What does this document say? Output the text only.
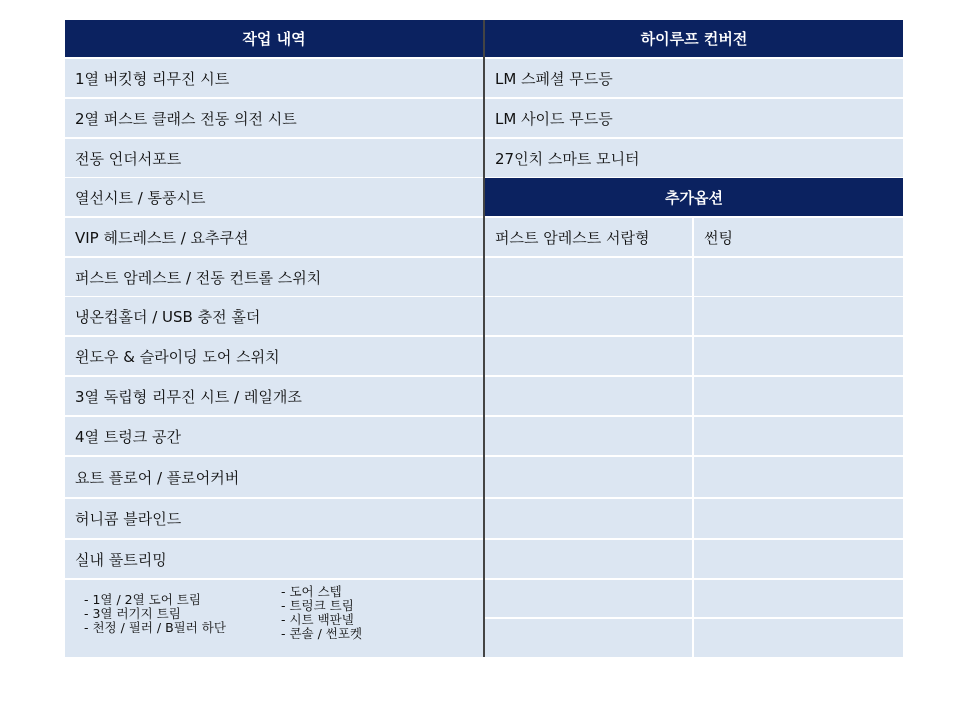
작업 내역	하이루프 컨버전
1열 버킷형 리무진 시트
2열 퍼스트 클래스 전동 의전 시트
전동 언더서포트
열선시트 / 통풍시트
VIP 헤드레스트 / 요추쿠션
퍼스트 암레스트 / 전동 컨트롤 스위치
냉온컵홀더 / USB 충전 홀더
윈도우 & 슬라이딩 도어 스위치
3열 독립형 리무진 시트 / 레일개조
4열 트렁크 공간
요트 플로어 / 플로어커버
허니콤 블라인드
실내 풀트리밍
- 1열 / 2열 도어 트림
- 3열 러기지 트림
- 천정 / 필러 / B필러 하단
- 도어 스텝
- 트렁크 트림
- 시트 백판넬
- 콘솔 / 썬포켓
LM 스페셜 무드등
LM 사이드 무드등
27인치 스마트 모니터
추가옵션
퍼스트 암레스트 서랍형	썬팅
